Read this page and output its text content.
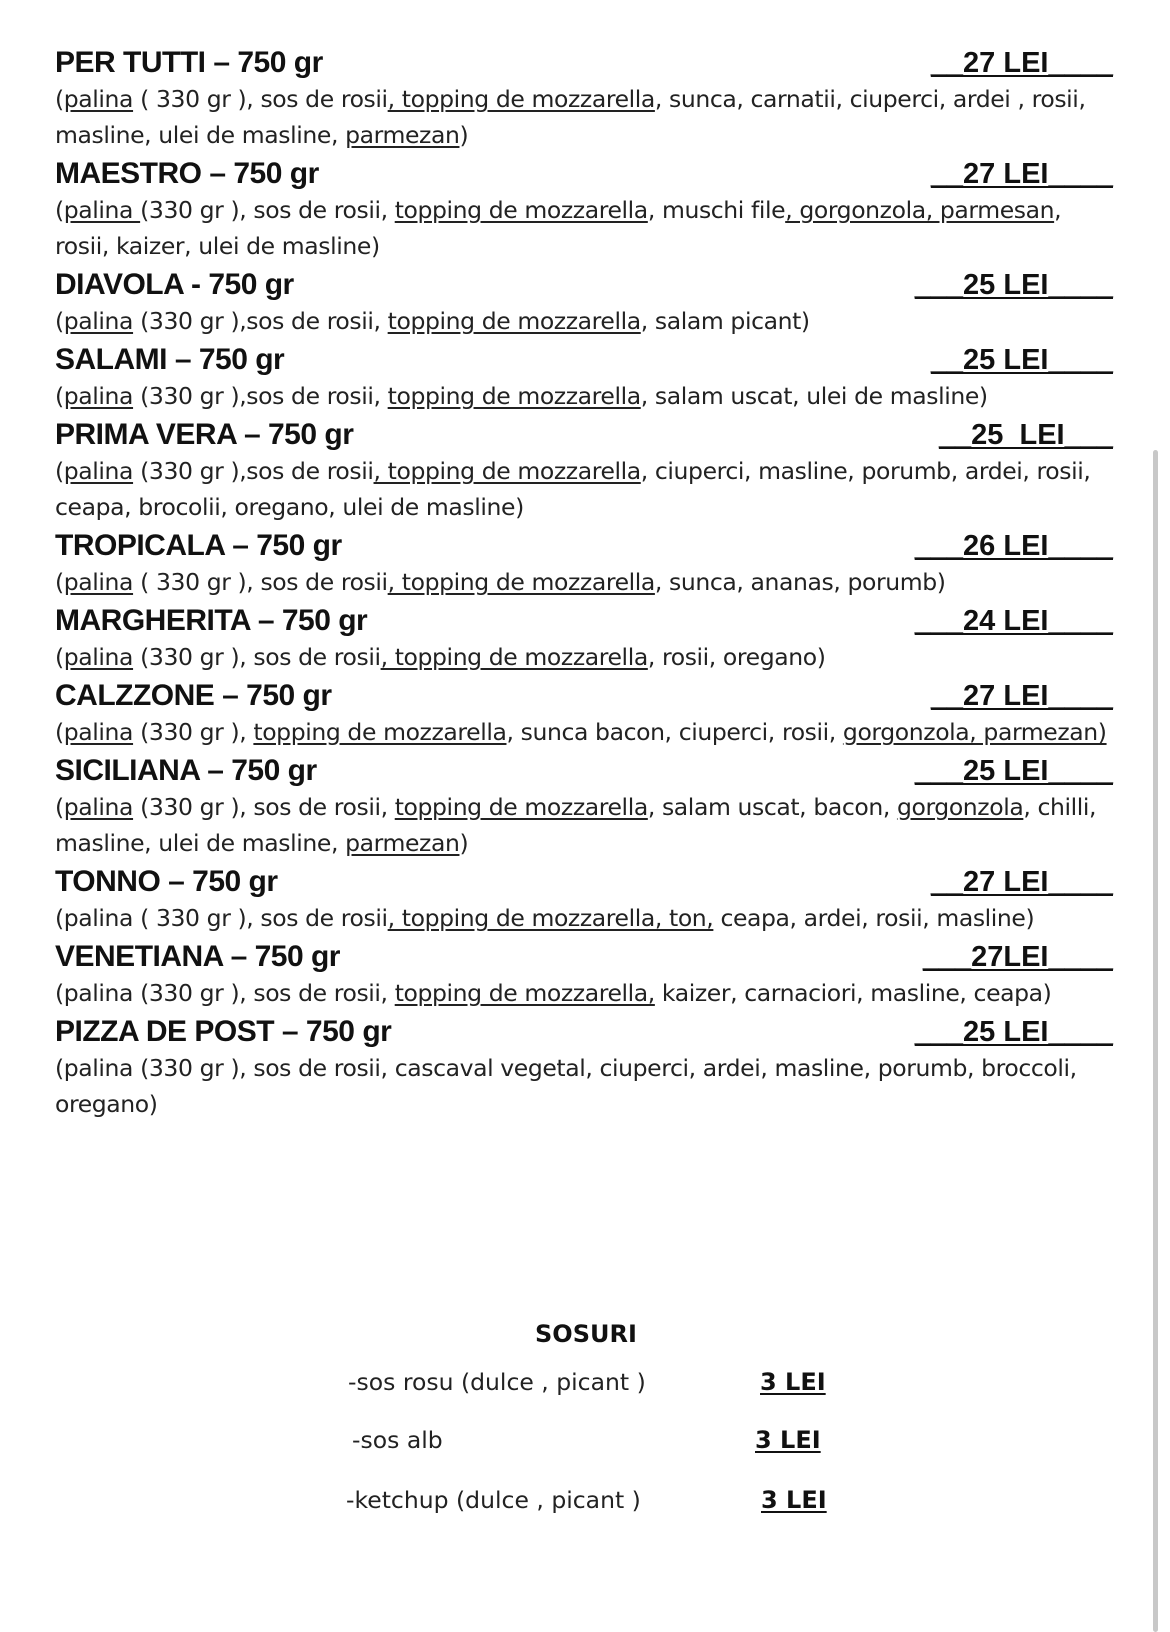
PER TUTTI – 750 gr	__27 LEI____
(palina ( 330 gr ), sos de rosii, topping de mozzarella, sunca, carnatii, ciuperci, ardei , rosii, masline, ulei de masline, parmezan)
MAESTRO – 750 gr	__27 LEI____
(palina (330 gr ), sos de rosii, topping de mozzarella, muschi file, gorgonzola, parmesan, rosii, kaizer, ulei de masline)
DIAVOLA - 750 gr	___25 LEI____
(palina (330 gr ),sos de rosii, topping de mozzarella, salam picant)
SALAMI – 750 gr	__25 LEI____
(palina (330 gr ),sos de rosii, topping de mozzarella, salam uscat, ulei de masline)
PRIMA VERA – 750 gr	__25  LEI___
(palina (330 gr ),sos de rosii, topping de mozzarella, ciuperci, masline, porumb, ardei, rosii, ceapa, brocolii, oregano, ulei de masline)
TROPICALA – 750 gr	___26 LEI____
(palina ( 330 gr ), sos de rosii, topping de mozzarella, sunca, ananas, porumb)
MARGHERITA – 750 gr	___24 LEI____
(palina (330 gr ), sos de rosii, topping de mozzarella, rosii, oregano)
CALZZONE – 750 gr	__27 LEI____
(palina (330 gr ), topping de mozzarella, sunca bacon, ciuperci, rosii, gorgonzola, parmezan)
SICILIANA – 750 gr	___25 LEI____
(palina (330 gr ), sos de rosii, topping de mozzarella, salam uscat, bacon, gorgonzola, chilli, masline, ulei de masline, parmezan)
TONNO – 750 gr	__27 LEI____
(palina ( 330 gr ), sos de rosii, topping de mozzarella, ton, ceapa, ardei, rosii, masline)
VENETIANA – 750 gr	___27LEI____
(palina (330 gr ), sos de rosii, topping de mozzarella, kaizer, carnaciori, masline, ceapa)
PIZZA DE POST – 750 gr	___25 LEI____
(palina (330 gr ), sos de rosii, cascaval vegetal, ciuperci, ardei, masline, porumb, broccoli, oregano)
SOSURI
-sos rosu (dulce , picant )	3 LEI
-sos alb	3 LEI
-ketchup (dulce , picant )	3 LEI
